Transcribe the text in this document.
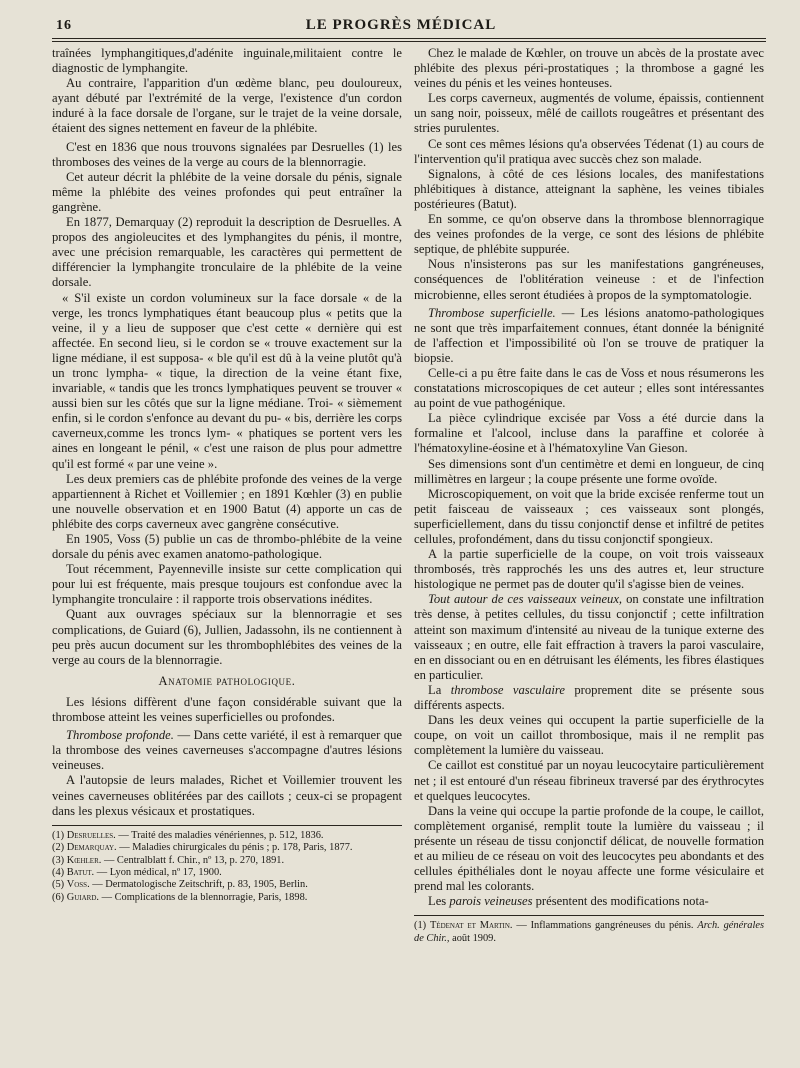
16	LE PROGRÈS MÉDICAL

traînées lymphangitiques,d'adénite inguinale,militaient contre le diagnostic de lymphangite.

Au contraire, l'apparition d'un œdème blanc, peu douloureux, ayant débuté par l'extrémité de la verge, l'existence d'un cordon induré à la face dorsale de l'organe, sur le trajet de la veine dorsale, étaient des signes nettement en faveur de la phlébite.

C'est en 1836 que nous trouvons signalées par Desruelles (1) les thromboses des veines de la verge au cours de la blennorragie.

Cet auteur décrit la phlébite de la veine dorsale du pénis, signale même la phlébite des veines profondes qui peut entraîner la gangrène.

En 1877, Demarquay (2) reproduit la description de Desruelles. A propos des angioleucites et des lymphangites du pénis, il montre, avec une précision remarquable, les caractères qui permettent de différencier la lymphangite tronculaire de la phlébite de la veine dorsale.

« S'il existe un cordon volumineux sur la face dorsale « de la verge, les troncs lymphatiques étant beaucoup plus « petits que la veine, il y a lieu de supposer que c'est cette « dernière qui est affectée. En second lieu, si le cordon se « trouve exactement sur la ligne médiane, il est supposa- « ble qu'il est dû à la veine plutôt qu'à un tronc lympha- « tique, la direction de la veine étant fixe, invariable, « tandis que les troncs lymphatiques peuvent se trouver « aussi bien sur les côtés que sur la ligne médiane. Troi- « sièmement enfin, si le cordon s'enfonce au devant du pu- « bis, derrière les corps caverneux,comme les troncs lym- « phatiques se portent vers les aines en longeant le pénil, « c'est une raison de plus pour admettre qu'il est formé « par une veine ».

Les deux premiers cas de phlébite profonde des veines de la verge appartiennent à Richet et Voillemier ; en 1891 Kœhler (3) en publie une nouvelle observation et en 1900 Batut (4) apporte un cas de phlébite des corps caverneux avec gangrène consécutive.

En 1905, Voss (5) publie un cas de thrombo-phlébite de la veine dorsale du pénis avec examen anatomo-pathologique.

Tout récemment, Payenneville insiste sur cette complication qui pour lui est fréquente, mais presque toujours est confondue avec la lymphangite tronculaire : il rapporte trois observations inédites.

Quant aux ouvrages spéciaux sur la blennorragie et ses complications, de Guiard (6), Jullien, Jadassohn, ils ne contiennent à peu près aucun document sur les thrombophlébites des veines de la verge au cours de la blennorragie.

Anatomie pathologique.

Les lésions diffèrent d'une façon considérable suivant que la thrombose atteint les veines superficielles ou profondes.

Thrombose profonde. — Dans cette variété, il est à remarquer que la thrombose des veines caverneuses s'accompagne d'autres lésions veineuses.

A l'autopsie de leurs malades, Richet et Voillemier trouvent les veines caverneuses oblitérées par des caillots ; ceux-ci se propagent dans les plexus vésicaux et prostatiques.

(1) Desruelles. — Traité des maladies vénériennes, p. 512, 1836.

(2) Demarquay. — Maladies chirurgicales du pénis ; p. 178, Paris, 1877.

(3) Kœhler. — Centralblatt f. Chir., nº 13, p. 270, 1891.

(4) Batut. — Lyon médical, nº 17, 1900.

(5) Voss. — Dermatologische Zeitschrift, p. 83, 1905, Berlin.

(6) Guiard. — Complications de la blennorragie, Paris, 1898.

Chez le malade de Kœhler, on trouve un abcès de la prostate avec phlébite des plexus péri-prostatiques ; la thrombose a gagné les veines du pénis et les veines honteuses.

Les corps caverneux, augmentés de volume, épaissis, contiennent un sang noir, poisseux, mêlé de caillots rougeâtres et présentant des stries purulentes.

Ce sont ces mêmes lésions qu'a observées Tédenat (1) au cours de l'intervention qu'il pratiqua avec succès chez son malade.

Signalons, à côté de ces lésions locales, des manifestations phlébitiques à distance, atteignant la saphène, les veines tibiales postérieures (Batut).

En somme, ce qu'on observe dans la thrombose blennorragique des veines profondes de la verge, ce sont des lésions de phlébite septique, de phlébite suppurée.

Nous n'insisterons pas sur les manifestations gangréneuses, conséquences de l'oblitération veineuse : et de l'infection microbienne, elles seront étudiées à propos de la symptomatologie.

Thrombose superficielle. — Les lésions anatomo-pathologiques ne sont que très imparfaitement connues, étant donnée la bénignité de l'affection et l'impossibilité où l'on se trouve de pratiquer la biopsie.

Celle-ci a pu être faite dans le cas de Voss et nous résumerons les constatations microscopiques de cet auteur ; elles sont intéressantes au point de vue pathogénique.

La pièce cylindrique excisée par Voss a été durcie dans la formaline et l'alcool, incluse dans la paraffine et colorée à l'hématoxyline-éosine et à l'hématoxyline Van Gieson.

Ses dimensions sont d'un centimètre et demi en longueur, de cinq millimètres en largeur ; la coupe présente une forme ovoïde.

Microscopiquement, on voit que la bride excisée renferme tout un petit faisceau de vaisseaux ; ces vaisseaux sont plongés, superficiellement, dans du tissu conjonctif dense et infiltré de petites cellules, profondément, dans du tissu conjonctif spongieux.

A la partie superficielle de la coupe, on voit trois vaisseaux thrombosés, très rapprochés les uns des autres et, leur structure histologique ne permet pas de douter qu'il s'agisse bien de veines.

Tout autour de ces vaisseaux veineux, on constate une infiltration très dense, à petites cellules, du tissu conjonctif ; cette infiltration atteint son maximum d'intensité au niveau de la tunique externe des vaisseaux ; en outre, elle fait effraction à travers la paroi vasculaire, en en dissociant ou en en détruisant les éléments, les fibres élastiques en particulier.

La thrombose vasculaire proprement dite se présente sous différents aspects.

Dans les deux veines qui occupent la partie superficielle de la coupe, on voit un caillot thrombosique, mais il ne remplit pas complètement la lumière du vaisseau.

Ce caillot est constitué par un noyau leucocytaire particulièrement net ; il est entouré d'un réseau fibrineux traversé par des érythrocytes et quelques leucocytes.

Dans la veine qui occupe la partie profonde de la coupe, le caillot, complètement organisé, remplit toute la lumière du vaisseau ; il présente un réseau de tissu conjonctif délicat, de nouvelle formation et au milieu de ce réseau on voit des leucocytes peu abondants et des cellules épithéliales dont le noyau affecte une forme vésiculaire et prend mal les colorants.

Les parois veineuses présentent des modifications nota-

(1) Tédenat et Martin. — Inflammations gangréneuses du pénis. Arch. générales de Chir., août 1909.
